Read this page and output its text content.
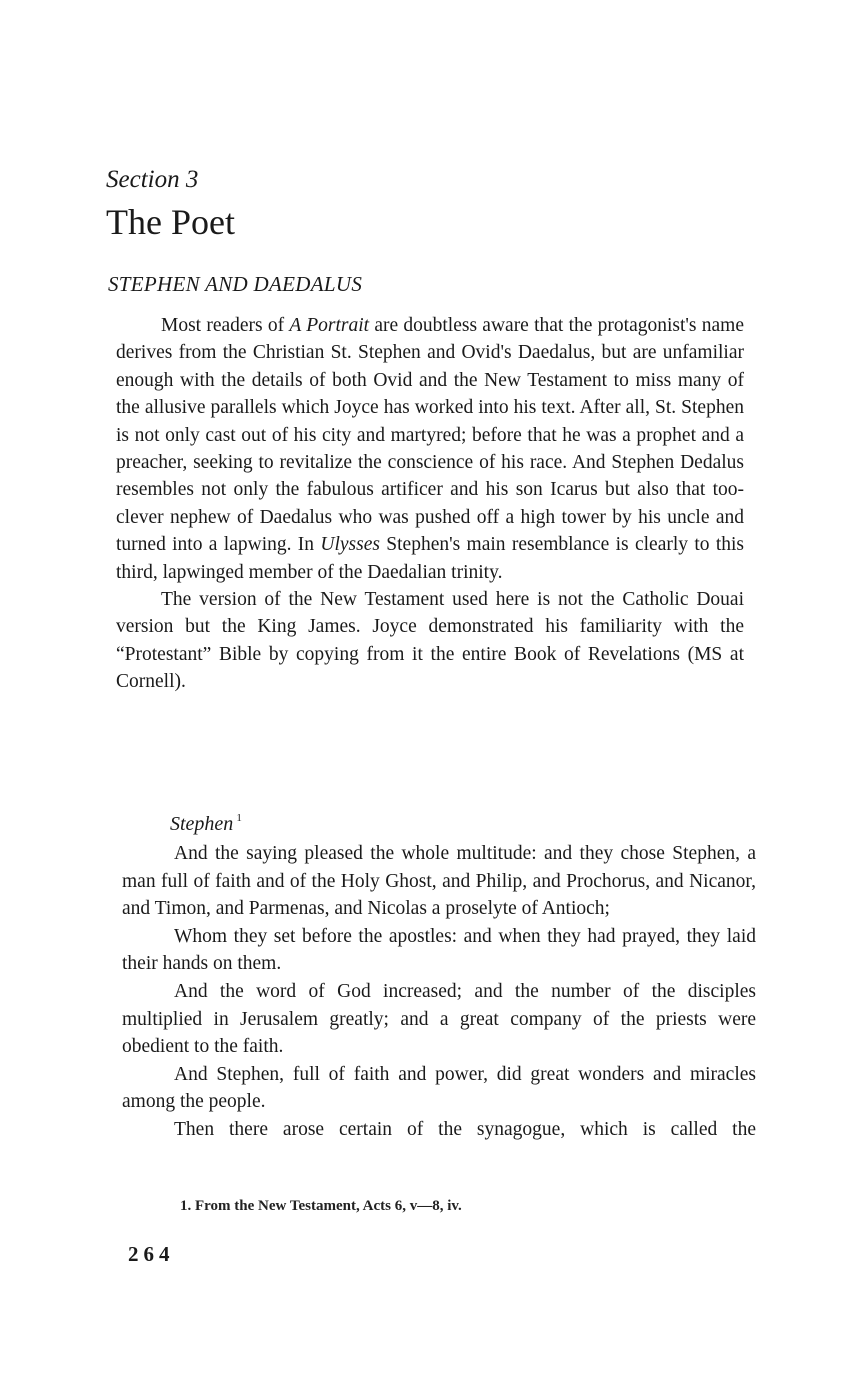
Section 3
The Poet
STEPHEN AND DAEDALUS

Most readers of A Portrait are doubtless aware that the protagonist's name derives from the Christian St. Stephen and Ovid's Daedalus, but are unfamiliar enough with the details of both Ovid and the New Testament to miss many of the allusive parallels which Joyce has worked into his text. After all, St. Stephen is not only cast out of his city and martyred; before that he was a prophet and a preacher, seeking to revitalize the conscience of his race. And Stephen Dedalus resembles not only the fabulous artificer and his son Icarus but also that too-clever nephew of Daedalus who was pushed off a high tower by his uncle and turned into a lapwing. In Ulysses Stephen's main resemblance is clearly to this third, lapwinged member of the Daedalian trinity.

The version of the New Testament used here is not the Catholic Douai version but the King James. Joyce demonstrated his familiarity with the “Protestant” Bible by copying from it the entire Book of Revelations (MS at Cornell).

Stephen $^1$

And the saying pleased the whole multitude: and they chose Stephen, a man full of faith and of the Holy Ghost, and Philip, and Prochorus, and Nicanor, and Timon, and Parmenas, and Nicolas a proselyte of Antioch;

Whom they set before the apostles: and when they had prayed, they laid their hands on them.

And the word of God increased; and the number of the disciples multiplied in Jerusalem greatly; and a great company of the priests were obedient to the faith.

And Stephen, full of faith and power, did great wonders and miracles among the people.

Then there arose certain of the synagogue, which is called the

1. From the New Testament, Acts 6, v—8, iv.
264
